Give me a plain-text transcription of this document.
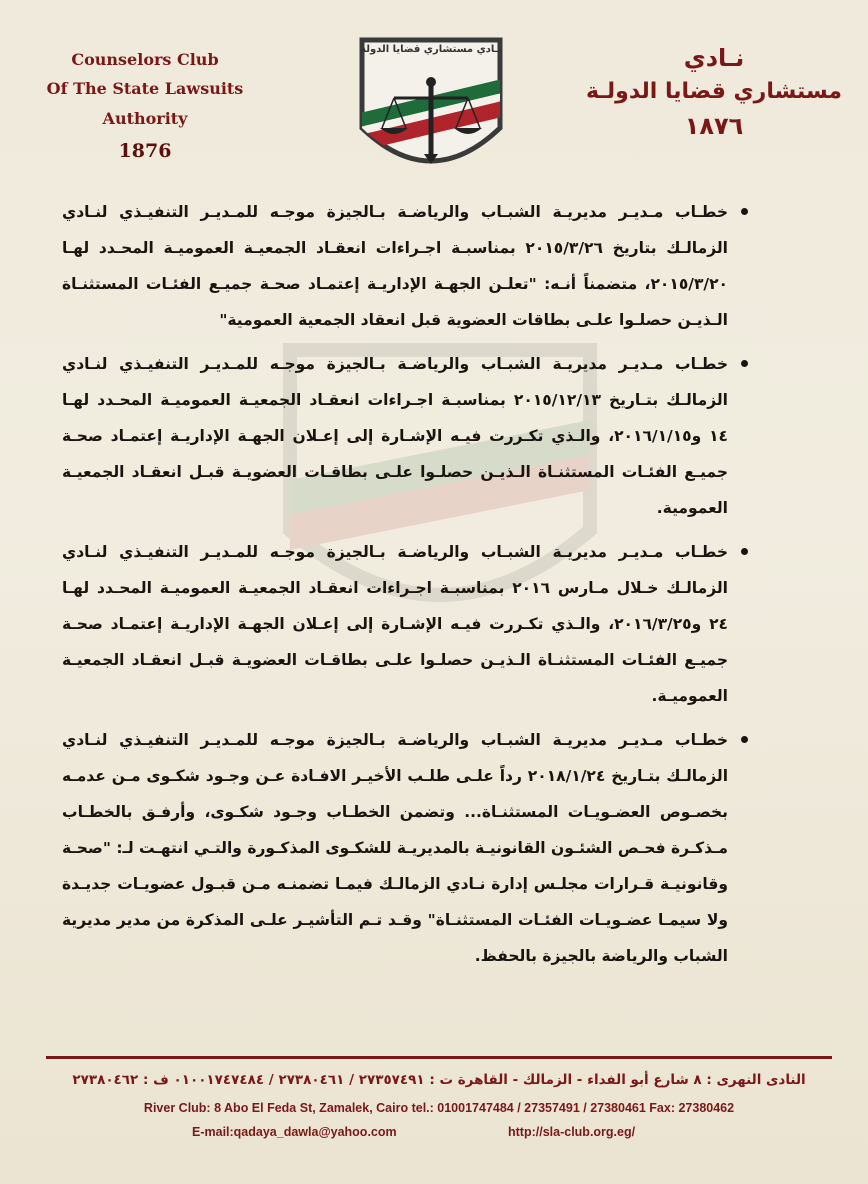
Counselors Club
Of The State Lawsuits Authority
1876
نـادي مستشاري قضايا الدولة	نـادي
مستشاري قضايا الدولـة
١٨٧٦
خطـاب مـديـر مديريـة الشبـاب والرياضـة بـالجيزة موجـه للمـديـر التنفيـذي لنـادي الزمالـك بتاريخ ٢٠١٥/٣/٢٦ بمناسبـة اجـراءات انعقـاد الجمعيـة العموميـة المحـدد لهـا ٢٠١٥/٣/٢٠، متضمناً أنـه: "تعلـن الجهـة الإداريـة إعتمـاد صحـة جميـع الفئـات المستثنـاة الـذيـن حصلـوا علـى بطاقات العضوية قبل انعقاد الجمعية العمومية"
خطـاب مـديـر مديريـة الشبـاب والرياضـة بـالجيزة موجـه للمـديـر التنفيـذي لنـادي الزمالـك بتـاريخ ٢٠١٥/١٢/١٣ بمناسبـة اجـراءات انعقـاد الجمعيـة العموميـة المحـدد لهـا ١٤ و٢٠١٦/١/١٥، والـذي تكـررت فيـه الإشـارة إلى إعـلان الجهـة الإداريـة إعتمـاد صحـة جميـع الفئـات المستثنـاة الـذيـن حصلـوا علـى بطاقـات العضويـة قبـل انعقـاد الجمعيـة العمومية.
خطـاب مـديـر مديريـة الشبـاب والرياضـة بـالجيزة موجـه للمـديـر التنفيـذي لنـادي الزمالـك خـلال مـارس ٢٠١٦ بمناسبـة اجـراءات انعقـاد الجمعيـة العموميـة المحـدد لهـا ٢٤ و٢٠١٦/٣/٢٥، والـذي تكـررت فيـه الإشـارة إلى إعـلان الجهـة الإداريـة إعتمـاد صحـة جميـع الفئـات المستثنـاة الـذيـن حصلـوا علـى بطاقـات العضويـة قبـل انعقـاد الجمعيـة العموميـة.
خطـاب مـديـر مديريـة الشبـاب والرياضـة بـالجيزة موجـه للمـديـر التنفيـذي لنـادي الزمالـك بتـاريخ ٢٠١٨/١/٢٤ رداً علـى طلـب الأخيـر الافـادة عـن وجـود شكـوى مـن عدمـه بخصـوص العضـويـات المستثنـاة... وتضمن الخطـاب وجـود شكـوى، وأرفـق بالخطـاب مـذكـرة فحـص الشئـون القانونيـة بالمديريـة للشكـوى المذكـورة والتـي انتهـت لـ: "صحـة وقانونيـة قـرارات مجلـس إدارة نـادي الزمالـك فيمـا تضمنـه مـن قبـول عضويـات جديـدة ولا سيمـا عضـويـات الفئـات المستثنـاة" وقـد تـم التأشيـر علـى المذكرة من مدير مديرية الشباب والرياضة بالجيزة بالحفظ.
النادى النهرى : ٨ شارع أبو الفداء - الزمالك - القاهرة ت : ٢٧٣٥٧٤٩١ / ٢٧٣٨٠٤٦١ / ٠١٠٠١٧٤٧٤٨٤ ف : ٢٧٣٨٠٤٦٢
River Club: 8 Abo El Feda St, Zamalek, Cairo tel.: 01001747484 / 27357491 / 27380461 Fax: 27380462
E-mail:qadaya_dawla@yahoo.com	http://sla-club.org.eg/
